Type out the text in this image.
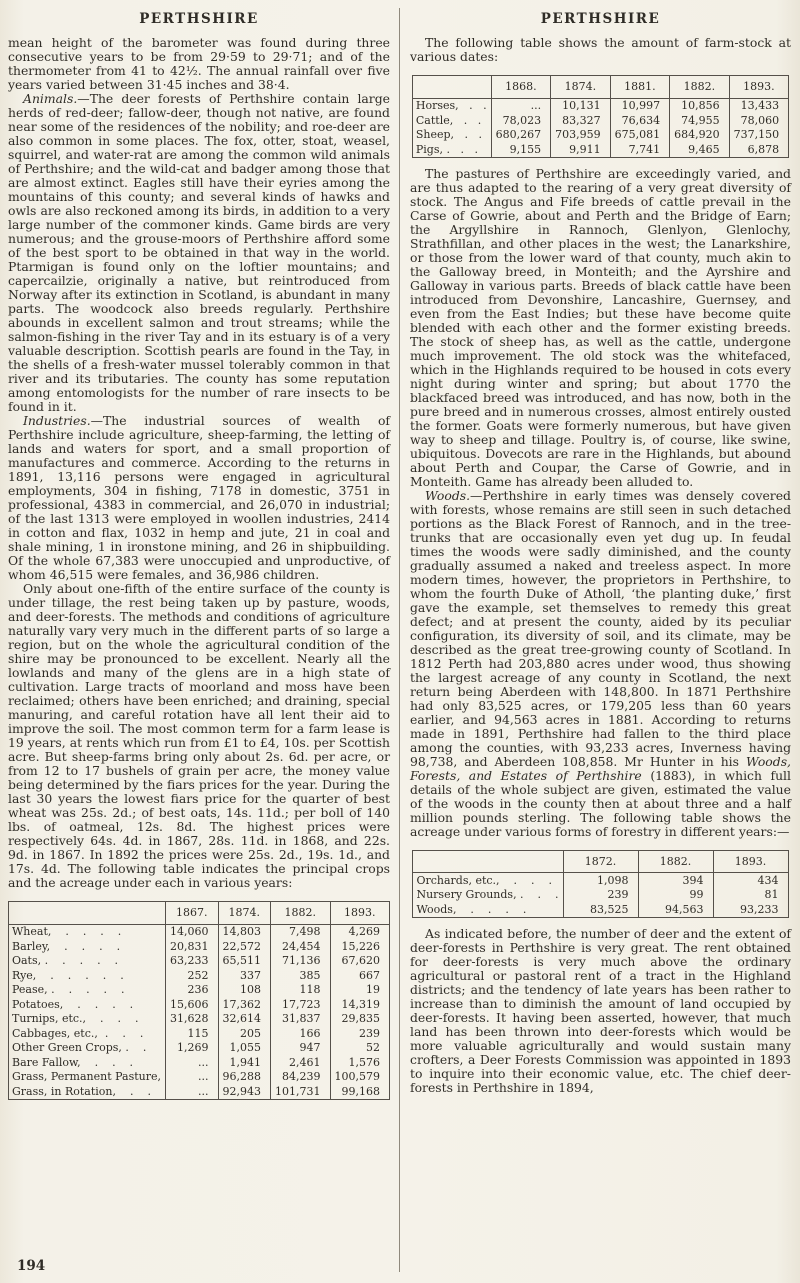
PERTHSHIRE

mean height of the barometer was found during three consecutive years to be from 29·59 to 29·71; and of the thermometer from 41 to 42½. The annual rainfall over five years varied between 31·45 inches and 38·4.

Animals.—The deer forests of Perthshire contain large herds of red-deer; fallow-deer, though not native, are found near some of the residences of the nobility; and roe-deer are also common in some places. The fox, otter, stoat, weasel, squirrel, and water-rat are among the common wild animals of Perthshire; and the wild-cat and badger among those that are almost extinct. Eagles still have their eyries among the mountains of this county; and several kinds of hawks and owls are also reckoned among its birds, in addition to a very large number of the commoner kinds. Game birds are very numerous; and the grouse-moors of Perthshire afford some of the best sport to be obtained in that way in the world. Ptarmigan is found only on the loftier mountains; and capercailzie, originally a native, but reintroduced from Norway after its extinction in Scotland, is abundant in many parts. The woodcock also breeds regularly. Perthshire abounds in excellent salmon and trout streams; while the salmon-fishing in the river Tay and in its estuary is of a very valuable description. Scottish pearls are found in the Tay, in the shells of a fresh-water mussel tolerably common in that river and its tributaries. The county has some reputation among entomologists for the number of rare insects to be found in it.

Industries.—The industrial sources of wealth of Perthshire include agriculture, sheep-farming, the letting of lands and waters for sport, and a small proportion of manufactures and commerce. According to the returns in 1891, 13,116 persons were engaged in agricultural employments, 304 in fishing, 7178 in domestic, 3751 in professional, 4383 in commercial, and 26,070 in industrial; of the last 1313 were employed in woollen industries, 2414 in cotton and flax, 1032 in hemp and jute, 21 in coal and shale mining, 1 in ironstone mining, and 26 in shipbuilding. Of the whole 67,383 were unoccupied and unproductive, of whom 46,515 were females, and 36,986 children.

Only about one-fifth of the entire surface of the county is under tillage, the rest being taken up by pasture, woods, and deer-forests. The methods and conditions of agriculture naturally vary very much in the different parts of so large a region, but on the whole the agricultural condition of the shire may be pronounced to be excellent. Nearly all the lowlands and many of the glens are in a high state of cultivation. Large tracts of moorland and moss have been reclaimed; others have been enriched; and draining, special manuring, and careful rotation have all lent their aid to improve the soil. The most common term for a farm lease is 19 years, at rents which run from £1 to £4, 10s. per Scottish acre. But sheep-farms bring only about 2s. 6d. per acre, or from 12 to 17 bushels of grain per acre, the money value being determined by the fiars prices for the year. During the last 30 years the lowest fiars price for the quarter of best wheat was 25s. 2d.; of best oats, 14s. 11d.; per boll of 140 lbs. of oatmeal, 12s. 8d. The highest prices were respectively 64s. 4d. in 1867, 28s. 11d. in 1868, and 22s. 9d. in 1867. In 1892 the prices were 25s. 2d., 19s. 1d., and 17s. 4d. The following table indicates the principal crops and the acreage under each in various years:

	1867.	1874.	1882.	1893.
Wheat,    .    .    .    .	14,060	14,803	7,498	4,269
Barley,    .    .    .    .	20,831	22,572	24,454	15,226
Oats, .    .    .    .    .	63,233	65,511	71,136	67,620
Rye,    .    .    .    .    .	252	337	385	667
Pease, .    .    .    .    .	236	108	118	19
Potatoes,    .    .    .    .	15,606	17,362	17,723	14,319
Turnips, etc.,    .    .    .	31,628	32,614	31,837	29,835
Cabbages, etc.,  .    .    .	115	205	166	239
Other Green Crops, .    .	1,269	1,055	947	52
Bare Fallow,    .    .    .	...	1,941	2,461	1,576
Grass, Permanent Pasture,	...	96,288	84,239	100,579
Grass, in Rotation,    .    .	...	92,943	101,731	99,168
PERTHSHIRE

The following table shows the amount of farm-stock at various dates:

	1868.	1874.	1881.	1882.	1893.
Horses,   .   .	...	10,131	10,997	10,856	13,433
Cattle,   .   .	78,023	83,327	76,634	74,955	78,060
Sheep,   .   .	680,267	703,959	675,081	684,920	737,150
Pigs, .   .   .	9,155	9,911	7,741	9,465	6,878

The pastures of Perthshire are exceedingly varied, and are thus adapted to the rearing of a very great diversity of stock. The Angus and Fife breeds of cattle prevail in the Carse of Gowrie, about and Perth and the Bridge of Earn; the Argyllshire in Rannoch, Glenlyon, Glenlochy, Strathfillan, and other places in the west; the Lanarkshire, or those from the lower ward of that county, much akin to the Galloway breed, in Monteith; and the Ayrshire and Galloway in various parts. Breeds of black cattle have been introduced from Devonshire, Lancashire, Guernsey, and even from the East Indies; but these have become quite blended with each other and the former existing breeds. The stock of sheep has, as well as the cattle, undergone much improvement. The old stock was the whitefaced, which in the Highlands required to be housed in cots every night during winter and spring; but about 1770 the blackfaced breed was introduced, and has now, both in the pure breed and in numerous crosses, almost entirely ousted the former. Goats were formerly numerous, but have given way to sheep and tillage. Poultry is, of course, like swine, ubiquitous. Dovecots are rare in the Highlands, but abound about Perth and Coupar, the Carse of Gowrie, and in Monteith. Game has already been alluded to.

Woods.—Perthshire in early times was densely covered with forests, whose remains are still seen in such detached portions as the Black Forest of Rannoch, and in the tree-trunks that are occasionally even yet dug up. In feudal times the woods were sadly diminished, and the county gradually assumed a naked and treeless aspect. In more modern times, however, the proprietors in Perthshire, to whom the fourth Duke of Atholl, ‘the planting duke,’ first gave the example, set themselves to remedy this great defect; and at present the county, aided by its peculiar configuration, its diversity of soil, and its climate, may be described as the great tree-growing county of Scotland. In 1812 Perth had 203,880 acres under wood, thus showing the largest acreage of any county in Scotland, the next return being Aberdeen with 148,800. In 1871 Perthshire had only 83,525 acres, or 179,205 less than 60 years earlier, and 94,563 acres in 1881. According to returns made in 1891, Perthshire had fallen to the third place among the counties, with 93,233 acres, Inverness having 98,738, and Aberdeen 108,858. Mr Hunter in his Woods, Forests, and Estates of Perthshire (1883), in which full details of the whole subject are given, estimated the value of the woods in the county then at about three and a half million pounds sterling. The following table shows the acreage under various forms of forestry in different years:—

	1872.	1882.	1893.
Orchards, etc.,    .    .    .	1,098	394	434
Nursery Grounds, .    .    .	239	99	81
Woods,    .    .    .    .	83,525	94,563	93,233

As indicated before, the number of deer and the extent of deer-forests in Perthshire is very great. The rent obtained for deer-forests is very much above the ordinary agricultural or pastoral rent of a tract in the Highland districts; and the tendency of late years has been rather to increase than to diminish the amount of land occupied by deer-forests. It having been asserted, however, that much land has been thrown into deer-forests which would be more valuable agriculturally and would sustain many crofters, a Deer Forests Commission was appointed in 1893 to inquire into their economic value, etc. The chief deer-forests in Perthshire in 1894,

194
